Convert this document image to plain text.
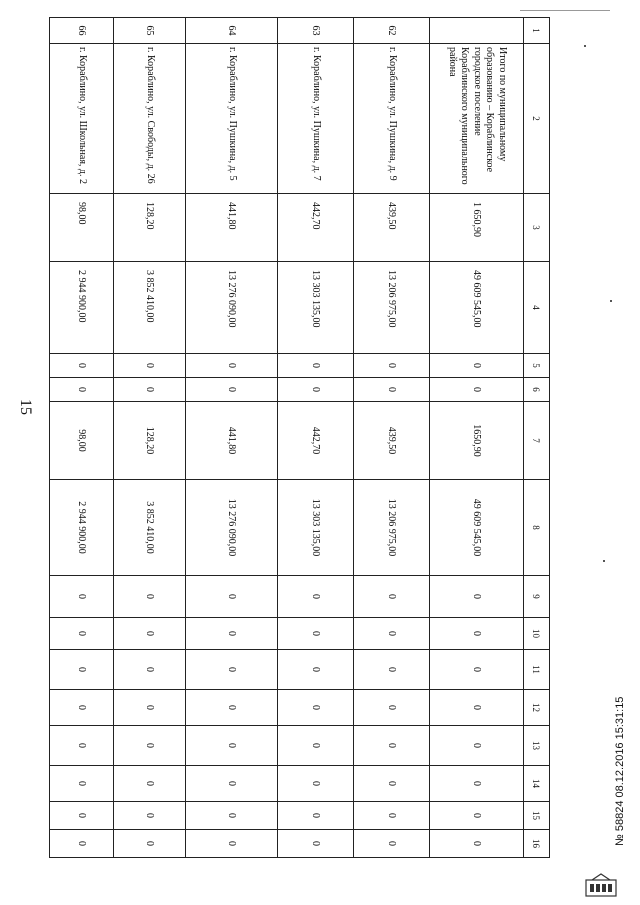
15
1	2	3	4	5	6	7	8	9	10	11	12	13	14	15	16
	Итого по муниципальному образованию – Кораблинское городское поселение Кораблинского муниципального района	1 650,90	49 609 545,00	0	0	1650,90	49 609 545,00	0	0	0	0	0	0	0	0
62	г. Кораблино, ул. Пушкина, д. 9	439,50	13 206 975,00	0	0	439,50	13 206 975,00	0	0	0	0	0	0	0	0
63	г. Кораблино, ул. Пушкина, д. 7	442,70	13 303 135,00	0	0	442,70	13 303 135,00	0	0	0	0	0	0	0	0
64	г. Кораблино, ул. Пушкина, д. 5	441,80	13 276 090,00	0	0	441,80	13 276 090,00	0	0	0	0	0	0	0	0
65	г. Кораблино, ул. Свободы, д. 26	128,20	3 852 410,00	0	0	128,20	3 852 410,00	0	0	0	0	0	0	0	0
66	г. Кораблино, ул. Школьная, д. 2	98,00	2 944 900,00	0	0	98,00	2 944 900,00	0	0	0	0	0	0	0	0	№ 58824 08.12.2016 15:31:15
